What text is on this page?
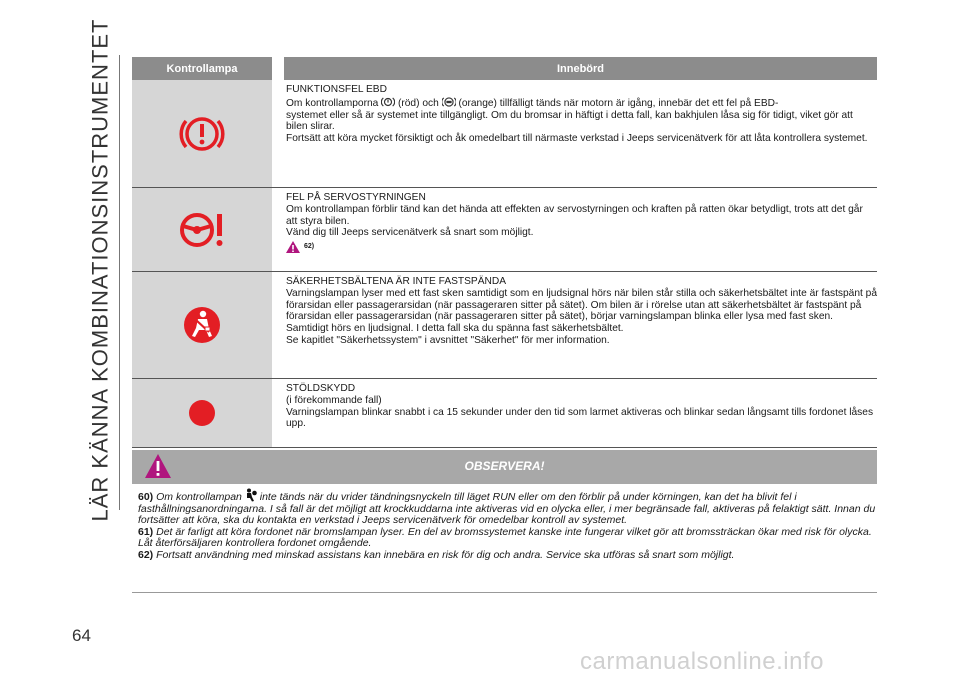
LÄR KÄNNA KOMBINATIONSINSTRUMENTET	Kontrollampa	Innebörd

FUNKTIONSFEL EBD

Om kontrollamporna (röd) och (orange) tillfälligt tänds när motorn är igång, innebär det ett fel på EBD-

systemet eller så är systemet inte tillgängligt. Om du bromsar in häftigt i detta fall, kan bakhjulen låsa sig för tidigt, viket gör att bilen slirar.

Fortsätt att köra mycket försiktigt och åk omedelbart till närmaste verkstad i Jeeps servicenätverk för att låta kontrollera systemet.

FEL PÅ SERVOSTYRNINGEN

Om kontrollampan förblir tänd kan det hända att effekten av servostyrningen och kraften på ratten ökar betydligt, trots att det går att styra bilen.

Vänd dig till Jeeps servicenätverk så snart som möjligt.

62)

SÄKERHETSBÄLTENA ÄR INTE FASTSPÄNDA

Varningslampan lyser med ett fast sken samtidigt som en ljudsignal hörs när bilen står stilla och säkerhetsbältet inte är fastspänt på förarsidan eller passagerarsidan (när passageraren sitter på sätet). Om bilen är i rörelse utan att säkerhetsbältet är fastspänt på förarsidan eller passagerarsidan (när passageraren sitter på sätet), börjar varningslampan blinka eller lysa med fast sken. Samtidigt hörs en ljudsignal. I detta fall ska du spänna fast säkerhetsbältet.

Se kapitlet "Säkerhetssystem" i avsnittet "Säkerhet" för mer information.

STÖLDSKYDD

(i förekommande fall)

Varningslampan blinkar snabbt i ca 15 sekunder under den tid som larmet aktiveras och blinkar sedan långsamt tills fordonet låses upp.

OBSERVERA!

60) Om kontrollampan inte tänds när du vrider tändningsnyckeln till läget RUN eller om den förblir på under körningen, kan det ha blivit fel i fasthållningsanordningarna. I så fall är det möjligt att krockkuddarna inte aktiveras vid en olycka eller, i mer begränsade fall, aktiveras på felaktigt sätt. Innan du fortsätter att köra, ska du kontakta en verkstad i Jeeps servicenätverk för omedelbar kontroll av systemet.

61) Det är farligt att köra fordonet när bromslampan lyser. En del av bromssystemet kanske inte fungerar vilket gör att bromssträckan ökar med risk för olycka. Låt återförsäljaren kontrollera fordonet omgående.

62) Fortsatt användning med minskad assistans kan innebära en risk för dig och andra. Service ska utföras så snart som möjligt.

64
carmanualsonline.info
